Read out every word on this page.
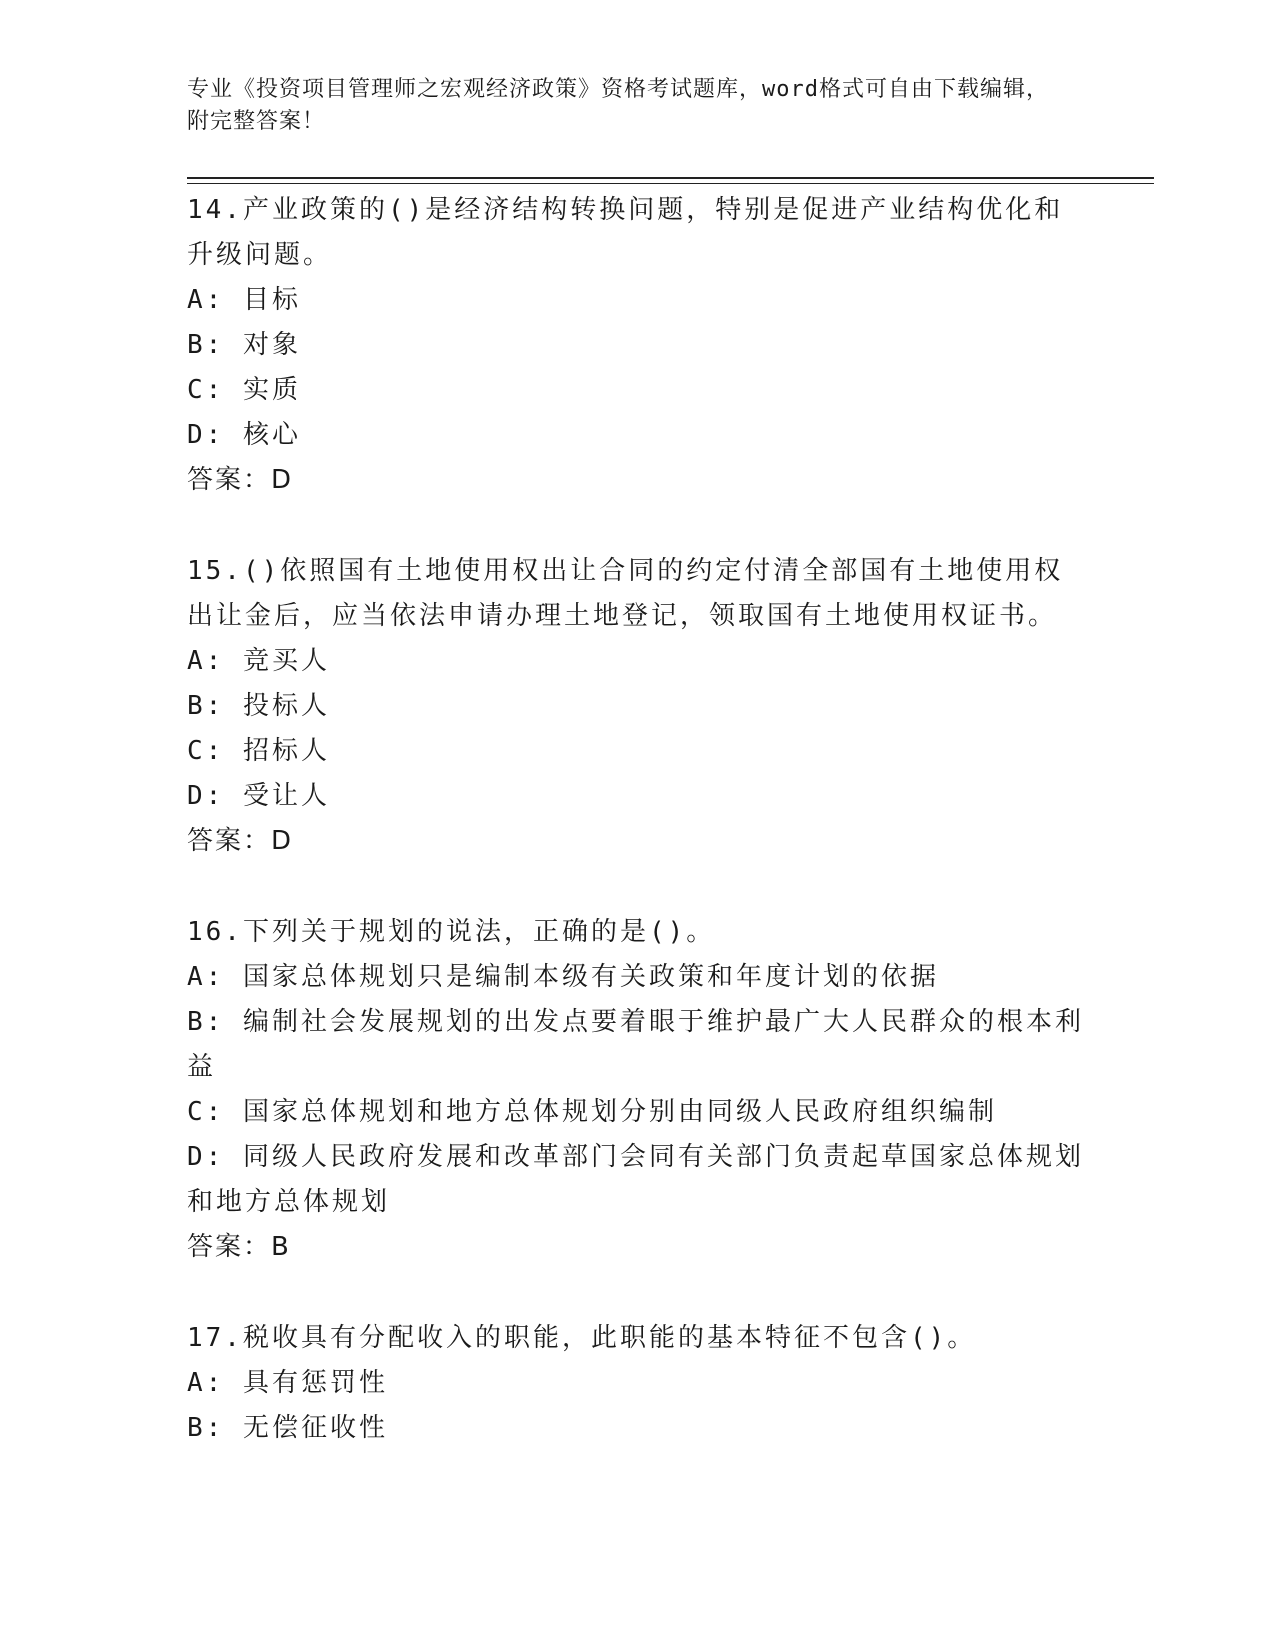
专业《投资项目管理师之宏观经济政策》资格考试题库，word格式可自由下载编辑，附完整答案！
14.产业政策的()是经济结构转换问题，特别是促进产业结构优化和升级问题。
A: 目标
B: 对象
C: 实质
D: 核心
答案：D
15.()依照国有土地使用权出让合同的约定付清全部国有土地使用权出让金后，应当依法申请办理土地登记，领取国有土地使用权证书。
A: 竞买人
B: 投标人
C: 招标人
D: 受让人
答案：D
16.下列关于规划的说法，正确的是()。
A: 国家总体规划只是编制本级有关政策和年度计划的依据
B: 编制社会发展规划的出发点要着眼于维护最广大人民群众的根本利益
C: 国家总体规划和地方总体规划分别由同级人民政府组织编制
D: 同级人民政府发展和改革部门会同有关部门负责起草国家总体规划和地方总体规划
答案：B
17.税收具有分配收入的职能，此职能的基本特征不包含()。
A: 具有惩罚性
B: 无偿征收性
